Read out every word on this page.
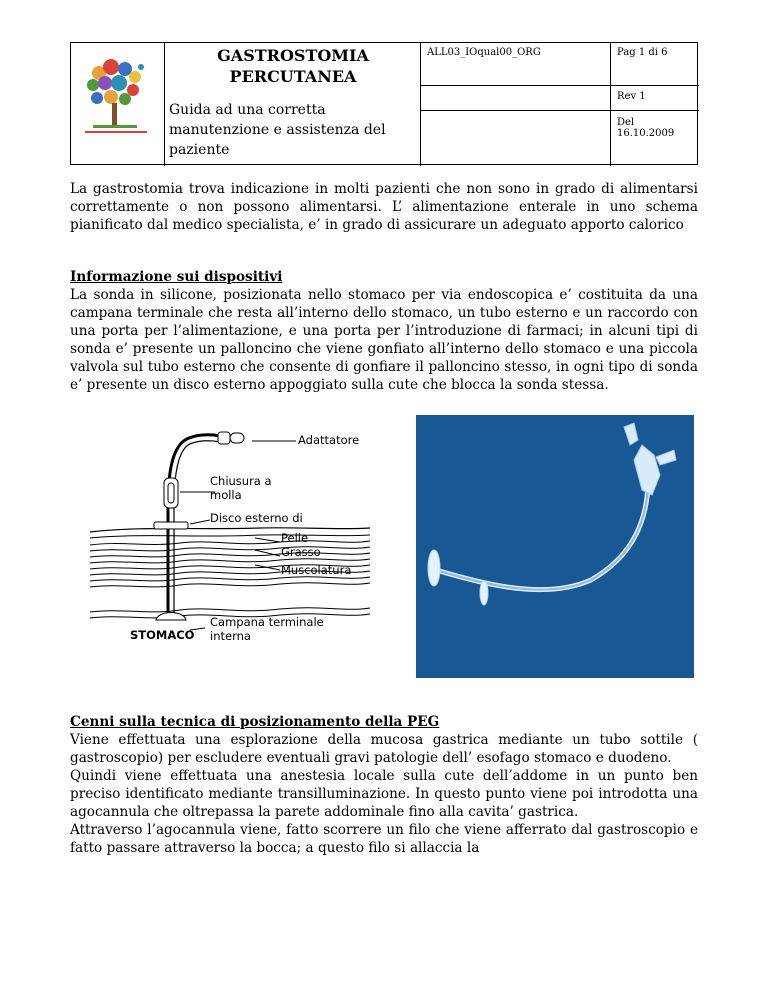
GASTROSTOMIA
PERCUTANEA
Guida ad una corretta manutenzione e assistenza del paziente
ALL03_IOqual00_ORG	Pag 1 di 6
Rev 1
Del 16.10.2009

La gastrostomia trova indicazione in molti pazienti che non sono in grado di alimentarsi correttamente o non possono alimentarsi. L’ alimentazione enterale in uno schema pianificato dal medico specialista, e’ in grado di assicurare un adeguato apporto calorico

Informazione sui dispositivi

La sonda in silicone, posizionata nello stomaco per via endoscopica e’ costituita da una campana terminale che resta all’interno dello stomaco, un tubo esterno e un raccordo con una porta per l’alimentazione, e una porta per l’introduzione di farmaci; in alcuni tipi di sonda e’ presente un palloncino che viene gonfiato all’interno dello stomaco e una piccola valvola sul tubo esterno che consente di gonfiare il palloncino stesso, in ogni tipo di sonda e’ presente un disco esterno appoggiato sulla cute che blocca la sonda stessa.

Adattatore
Chiusura a
molla
Disco esterno di
Pelle
Grasso
Muscolatura
STOMACO
Campana terminale
interna
Cenni sulla tecnica di posizionamento della PEG

Viene effettuata una esplorazione della mucosa gastrica mediante un tubo sottile ( gastroscopio) per escludere eventuali gravi patologie dell’ esofago stomaco e duodeno.

Quindi viene effettuata una anestesia locale sulla cute dell’addome in un punto ben preciso identificato mediante transilluminazione. In questo punto viene poi introdotta una agocannula che oltrepassa la parete addominale fino alla cavita’ gastrica.

Attraverso l’agocannula viene, fatto scorrere un filo che viene afferrato dal gastroscopio e fatto passare attraverso la bocca; a questo filo si allaccia la
